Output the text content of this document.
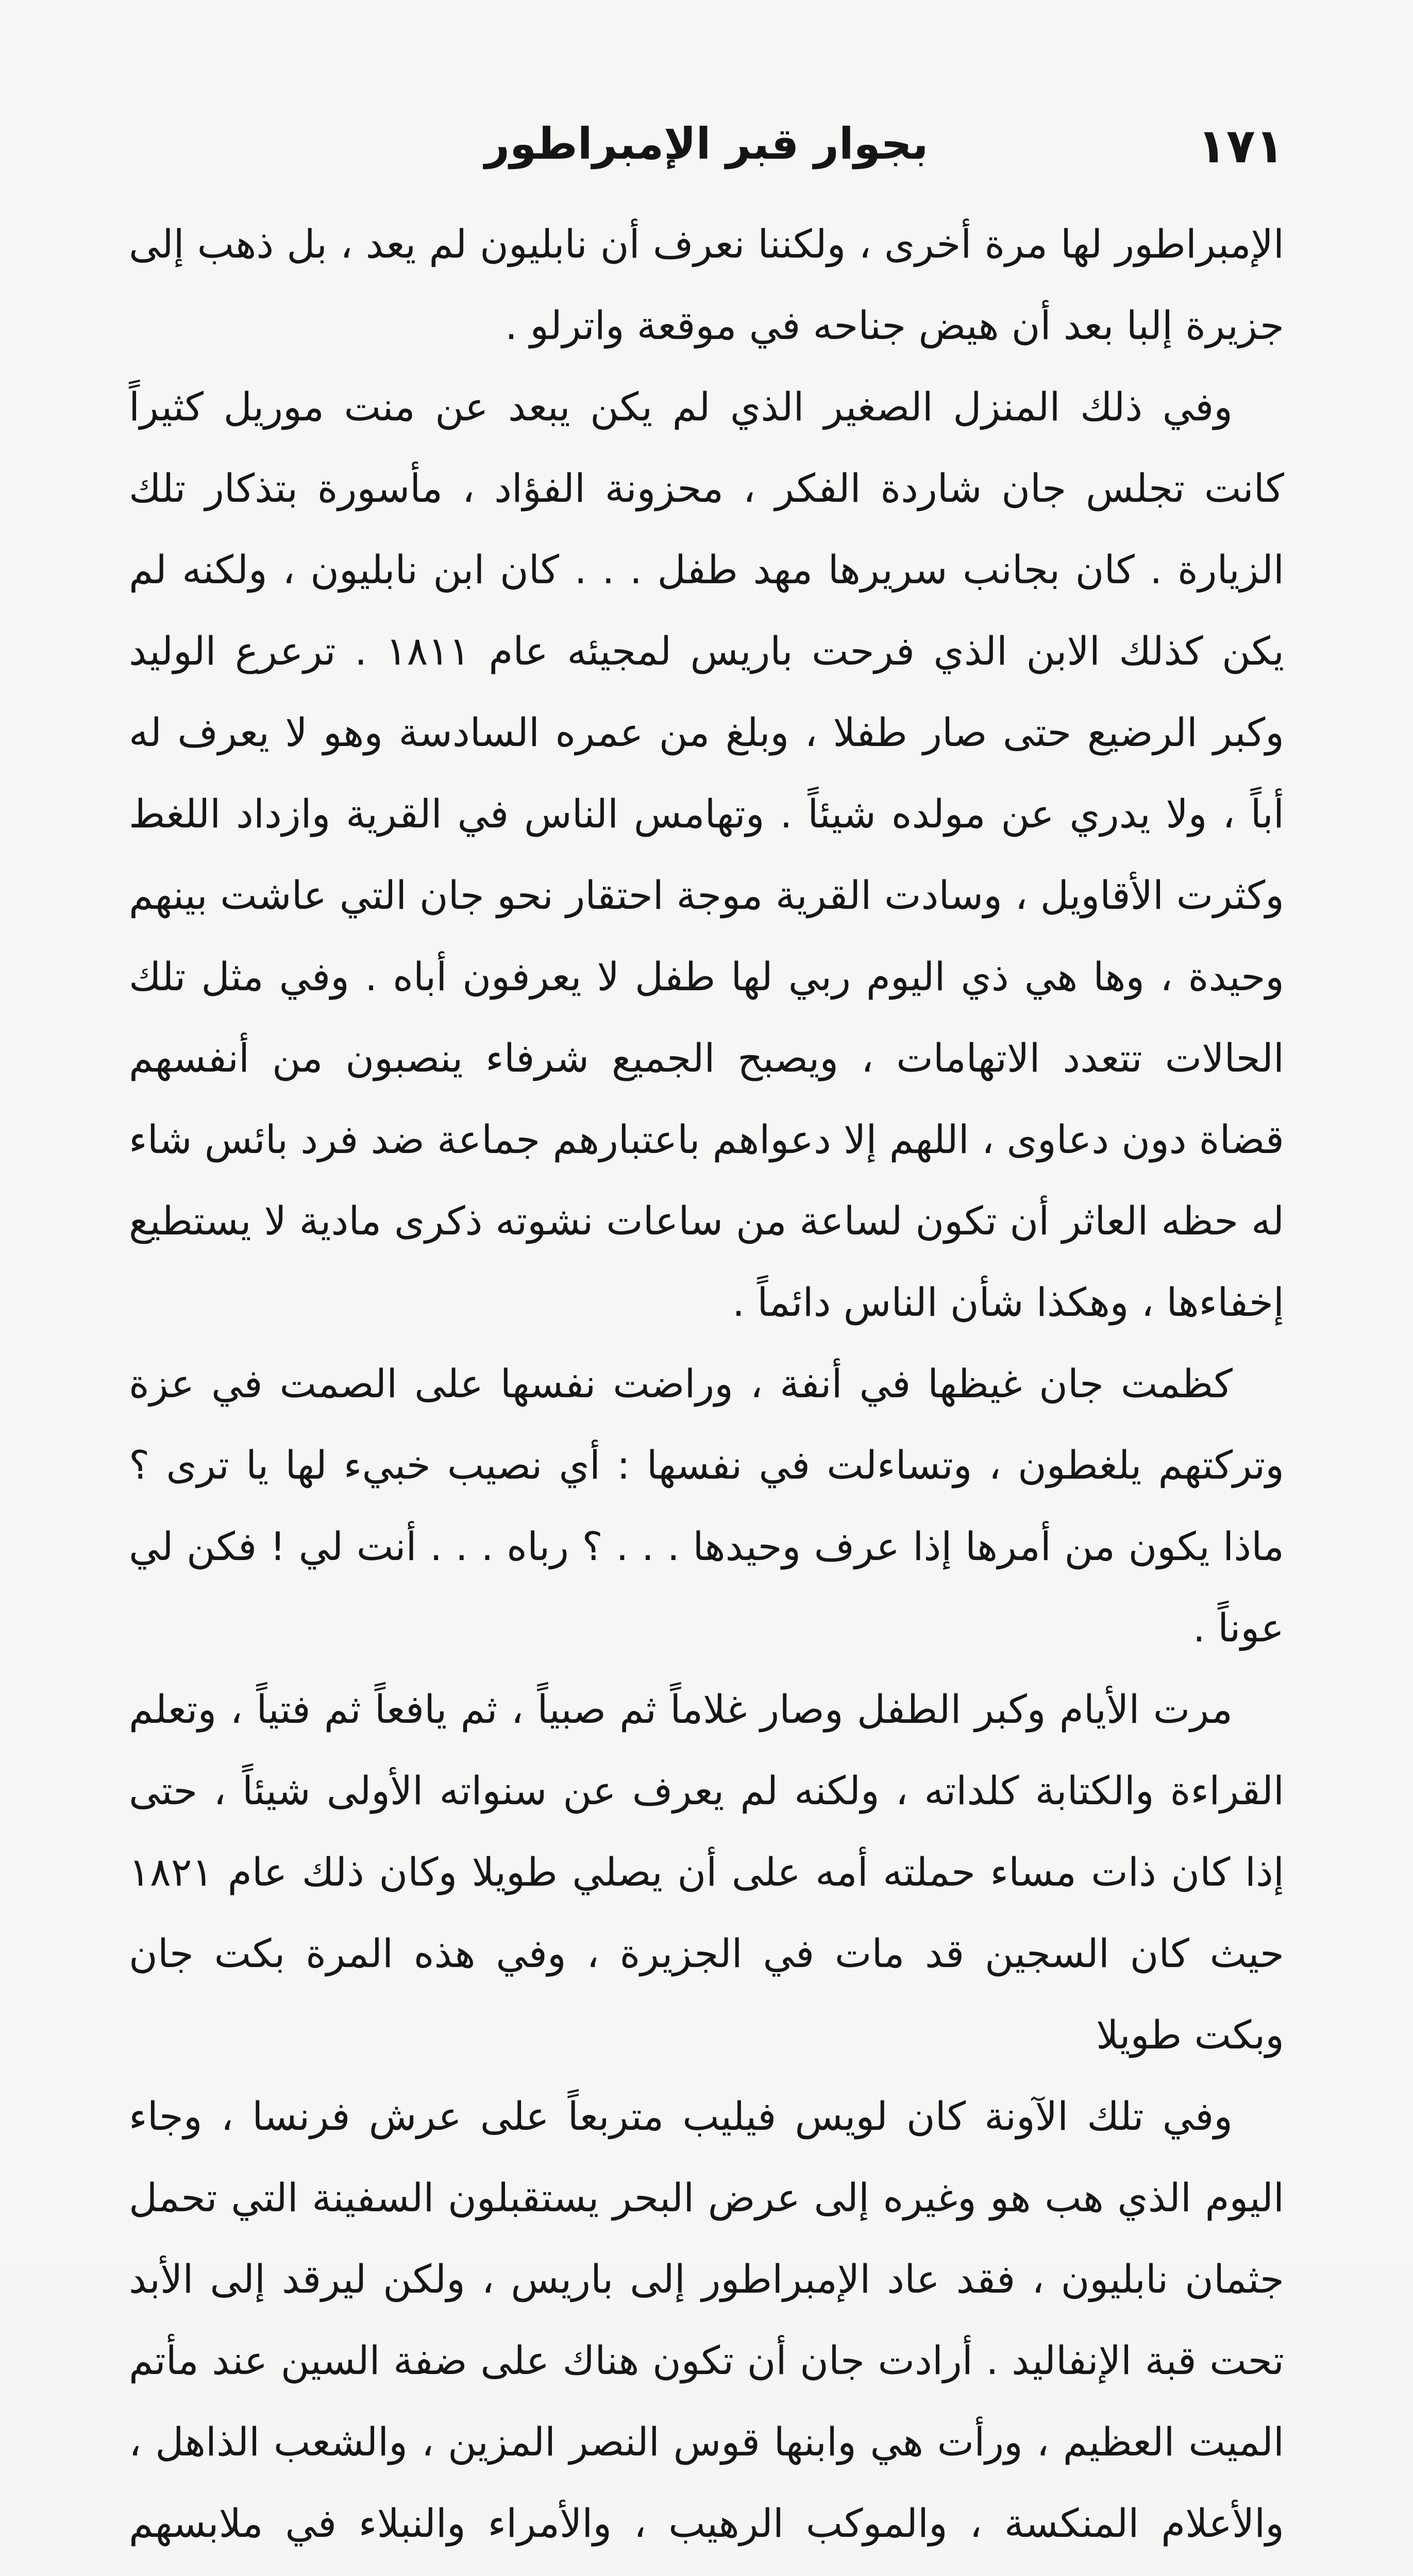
١٧١
بجوار قبر الإمبراطور

الإمبراطور لها مرة أخرى ، ولكننا نعرف أن نابليون لم يعد ، بل ذهب إلى جزيرة إلبا بعد أن هيض جناحه في موقعة واترلو .

وفي ذلك المنزل الصغير الذي لم يكن يبعد عن منت موريل كثيراً كانت تجلس جان شاردة الفكر ، محزونة الفؤاد ، مأسورة بتذكار تلك الزيارة . كان بجانب سريرها مهد طفل . . . كان ابن نابليون ، ولكنه لم يكن كذلك الابن الذي فرحت باريس لمجيئه عام ١٨١١ . ترعرع الوليد وكبر الرضيع حتى صار طفلا ، وبلغ من عمره السادسة وهو لا يعرف له أباً ، ولا يدري عن مولده شيئاً . وتهامس الناس في القرية وازداد اللغط وكثرت الأقاويل ، وسادت القرية موجة احتقار نحو جان التي عاشت بينهم وحيدة ، وها هي ذي اليوم ربي لها طفل لا يعرفون أباه . وفي مثل تلك الحالات تتعدد الاتهامات ، ويصبح الجميع شرفاء ينصبون من أنفسهم قضاة دون دعاوى ، اللهم إلا دعواهم باعتبارهم جماعة ضد فرد بائس شاء له حظه العاثر أن تكون لساعة من ساعات نشوته ذكرى مادية لا يستطيع إخفاءها ، وهكذا شأن الناس دائماً .

كظمت جان غيظها في أنفة ، وراضت نفسها على الصمت في عزة وتركتهم يلغطون ، وتساءلت في نفسها : أي نصيب خبيء لها يا ترى ؟ ماذا يكون من أمرها إذا عرف وحيدها . . . ؟ رباه . . . أنت لي ! فكن لي عوناً .

مرت الأيام وكبر الطفل وصار غلاماً ثم صبياً ، ثم يافعاً ثم فتياً ، وتعلم القراءة والكتابة كلداته ، ولكنه لم يعرف عن سنواته الأولى شيئاً ، حتى إذا كان ذات مساء حملته أمه على أن يصلي طويلا وكان ذلك عام ١٨٢١ حيث كان السجين قد مات في الجزيرة ، وفي هذه المرة بكت جان وبكت طويلا

وفي تلك الآونة كان لويس فيليب متربعاً على عرش فرنسا ، وجاء اليوم الذي هب هو وغيره إلى عرض البحر يستقبلون السفينة التي تحمل جثمان نابليون ، فقد عاد الإمبراطور إلى باريس ، ولكن ليرقد إلى الأبد تحت قبة الإنفاليد . أرادت جان أن تكون هناك على ضفة السين عند مأتم الميت العظيم ، ورأت هي وابنها قوس النصر المزين ، والشعب الذاهل ، والأعلام المنكسة ، والموكب الرهيب ، والأمراء والنبلاء في ملابسهم
